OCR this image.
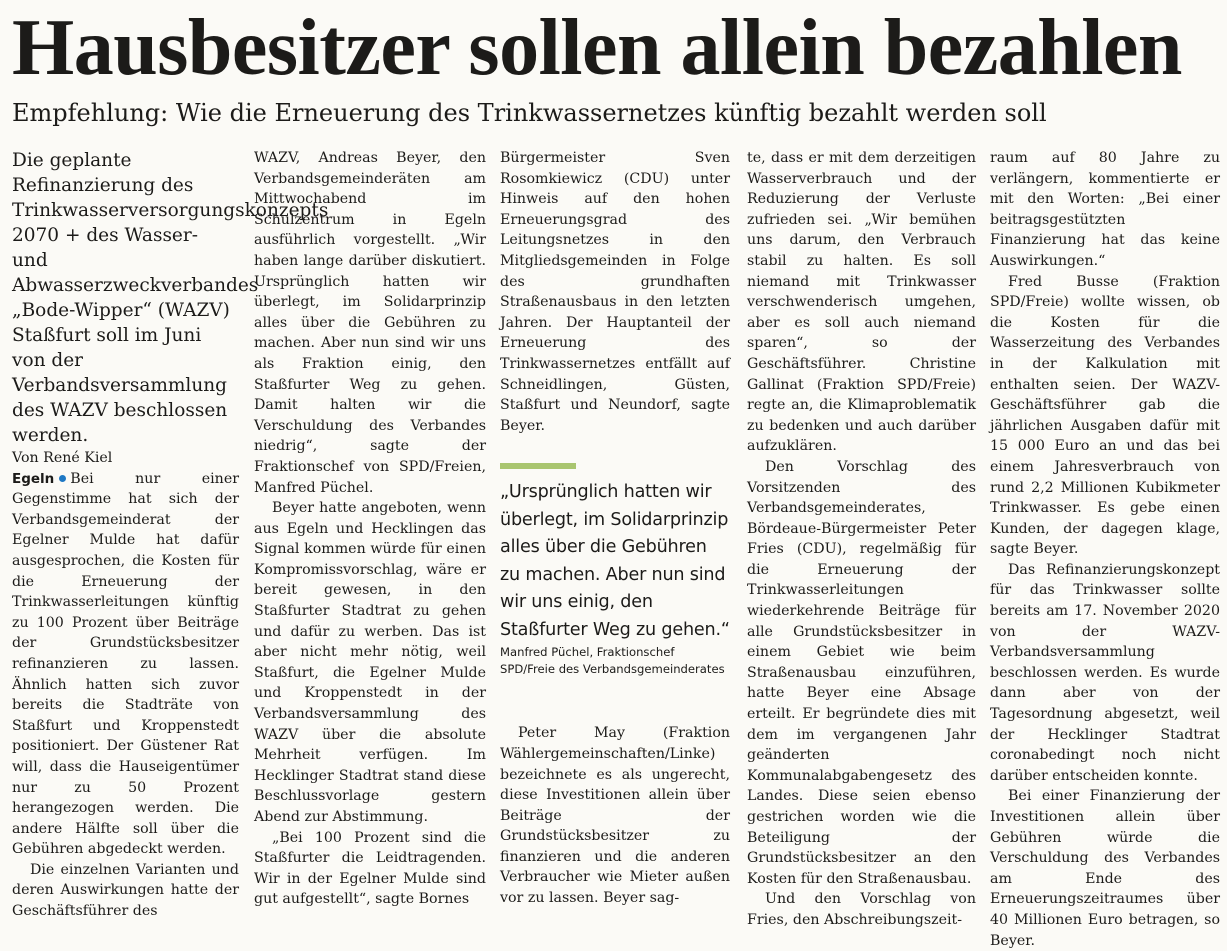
Hausbesitzer sollen allein bezahlen
Empfehlung: Wie die Erneuerung des Trinkwassernetzes künftig bezahlt werden soll

Die geplante Refinanzierung des Trinkwasserversorgungskonzepts 2070 + des Wasser- und Abwasserzweckverbandes „Bode-Wipper“ (WAZV) Staßfurt soll im Juni von der Verbandsversammlung des WAZV beschlossen werden.

Von René Kiel

Egeln Bei nur einer Gegenstimme hat sich der Verbandsgemeinderat der Egelner Mulde hat dafür ausgesprochen, die Kosten für die Erneuerung der Trinkwasserleitungen künftig zu 100 Prozent über Beiträge der Grundstücksbesitzer refinanzieren zu lassen. Ähnlich hatten sich zuvor bereits die Stadträte von Staßfurt und Kroppenstedt positioniert. Der Güstener Rat will, dass die Hauseigentümer nur zu 50 Prozent herangezogen werden. Die andere Hälfte soll über die Gebühren abgedeckt werden.

Die einzelnen Varianten und deren Auswirkungen hatte der Geschäftsführer des

WAZV, Andreas Beyer, den Verbandsgemeinderäten am Mittwochabend im Schulzentrum in Egeln ausführlich vorgestellt. „Wir haben lange darüber diskutiert. Ursprünglich hatten wir überlegt, im Solidarprinzip alles über die Gebühren zu machen. Aber nun sind wir uns als Fraktion einig, den Staßfurter Weg zu gehen. Damit halten wir die Verschuldung des Verbandes niedrig“, sagte der Fraktionschef von SPD/Freien, Manfred Püchel.

Beyer hatte angeboten, wenn aus Egeln und Hecklingen das Signal kommen würde für einen Kompromissvorschlag, wäre er bereit gewesen, in den Staßfurter Stadtrat zu gehen und dafür zu werben. Das ist aber nicht mehr nötig, weil Staßfurt, die Egelner Mulde und Kroppenstedt in der Verbandsversammlung des WAZV über die absolute Mehrheit verfügen. Im Hecklinger Stadtrat stand diese Beschlussvorlage gestern Abend zur Abstimmung.

„Bei 100 Prozent sind die Staßfurter die Leidtragenden. Wir in der Egelner Mulde sind gut aufgestellt“, sagte Bornes

Bürgermeister Sven Rosomkiewicz (CDU) unter Hinweis auf den hohen Erneuerungsgrad des Leitungsnetzes in den Mitgliedsgemeinden in Folge des grundhaften Straßenausbaus in den letzten Jahren. Der Hauptanteil der Erneuerung des Trinkwassernetzes entfällt auf Schneidlingen, Güsten, Staßfurt und Neundorf, sagte Beyer.

„Ursprünglich hatten wir überlegt, im Solidarprinzip alles über die Gebühren zu machen. Aber nun sind wir uns einig, den Staßfurter Weg zu gehen.“

Manfred Püchel, Fraktionschef SPD/Freie des Verbandsgemeinderates

Peter May (Fraktion Wählergemeinschaften/Linke) bezeichnete es als ungerecht, diese Investitionen allein über Beiträge der Grundstücksbesitzer zu finanzieren und die anderen Verbraucher wie Mieter außen vor zu lassen. Beyer sag-

te, dass er mit dem derzeitigen Wasserverbrauch und der Reduzierung der Verluste zufrieden sei. „Wir bemühen uns darum, den Verbrauch stabil zu halten. Es soll niemand mit Trinkwasser verschwenderisch umgehen, aber es soll auch niemand sparen“, so der Geschäftsführer. Christine Gallinat (Fraktion SPD/Freie) regte an, die Klimaproblematik zu bedenken und auch darüber aufzuklären.

Den Vorschlag des Vorsitzenden des Verbandsgemeinderates, Bördeaue-Bürgermeister Peter Fries (CDU), regelmäßig für die Erneuerung der Trinkwasserleitungen wiederkehrende Beiträge für alle Grundstücksbesitzer in einem Gebiet wie beim Straßenausbau einzuführen, hatte Beyer eine Absage erteilt. Er begründete dies mit dem im vergangenen Jahr geänderten Kommunalabgabengesetz des Landes. Diese seien ebenso gestrichen worden wie die Beteiligung der Grundstücksbesitzer an den Kosten für den Straßenausbau.

Und den Vorschlag von Fries, den Abschreibungszeit-

raum auf 80 Jahre zu verlängern, kommentierte er mit den Worten: „Bei einer beitragsgestützten Finanzierung hat das keine Auswirkungen.“

Fred Busse (Fraktion SPD/Freie) wollte wissen, ob die Kosten für die Wasserzeitung des Verbandes in der Kalkulation mit enthalten seien. Der WAZV-Geschäftsführer gab die jährlichen Ausgaben dafür mit 15 000 Euro an und das bei einem Jahresverbrauch von rund 2,2 Millionen Kubikmeter Trinkwasser. Es gebe einen Kunden, der dagegen klage, sagte Beyer.

Das Refinanzierungskonzept für das Trinkwasser sollte bereits am 17. November 2020 von der WAZV-Verbandsversammlung beschlossen werden. Es wurde dann aber von der Tagesordnung abgesetzt, weil der Hecklinger Stadtrat coronabedingt noch nicht darüber entscheiden konnte.

Bei einer Finanzierung der Investitionen allein über Gebühren würde die Verschuldung des Verbandes am Ende des Erneuerungszeitraumes über 40 Millionen Euro betragen, so Beyer.
